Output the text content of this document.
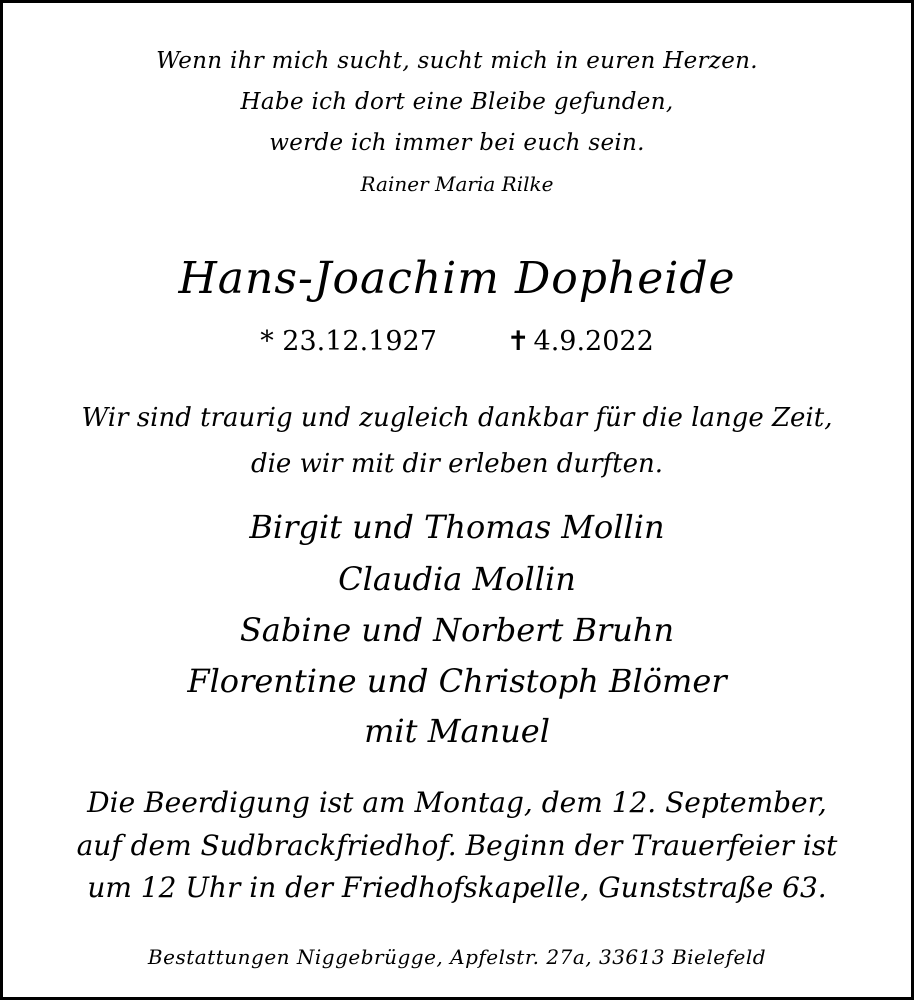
Wenn ihr mich sucht, sucht mich in euren Herzen.
Habe ich dort eine Bleibe gefunden,
werde ich immer bei euch sein.
Rainer Maria Rilke
Hans-Joachim Dopheide
* 23.12.1927	✝ 4.9.2022
Wir sind traurig und zugleich dankbar für die lange Zeit,
die wir mit dir erleben durften.
Birgit und Thomas Mollin
Claudia Mollin
Sabine und Norbert Bruhn
Florentine und Christoph Blömer
mit Manuel
Die Beerdigung ist am Montag, dem 12. September,
auf dem Sudbrackfriedhof. Beginn der Trauerfeier ist
um 12 Uhr in der Friedhofskapelle, Gunststraße 63.
Bestattungen Niggebrügge, Apfelstr. 27a, 33613 Bielefeld
